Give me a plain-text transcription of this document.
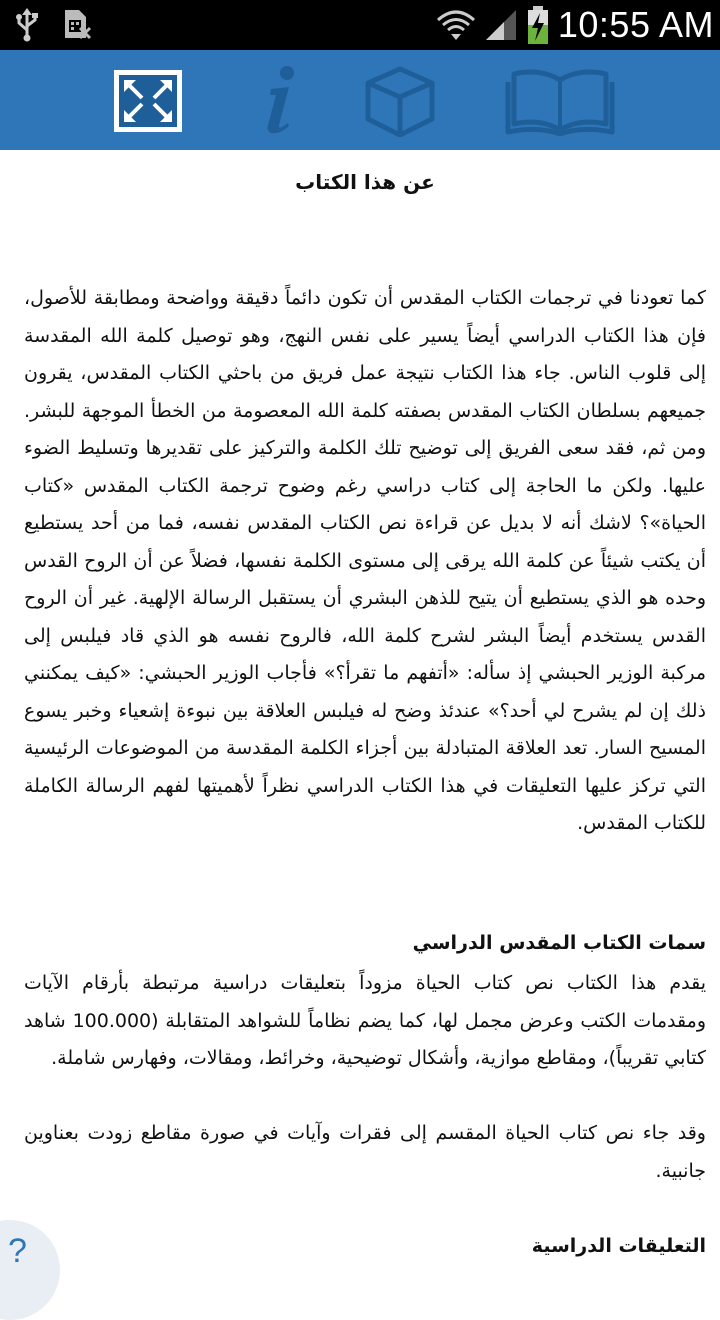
10:55 AM
عن هذا الكتاب

كما تعودنا في ترجمات الكتاب المقدس أن تكون دائماً دقيقة وواضحة ومطابقة للأصول، فإن هذا الكتاب الدراسي أيضاً يسير على نفس النهج، وهو توصيل كلمة الله المقدسة إلى قلوب الناس. جاء هذا الكتاب نتيجة عمل فريق من باحثي الكتاب المقدس، يقرون جميعهم بسلطان الكتاب المقدس بصفته كلمة الله المعصومة من الخطأ الموجهة للبشر. ومن ثم، فقد سعى الفريق إلى توضيح تلك الكلمة والتركيز على تقديرها وتسليط الضوء عليها. ولكن ما الحاجة إلى كتاب دراسي رغم وضوح ترجمة الكتاب المقدس «كتاب الحياة»؟ لاشك أنه لا بديل عن قراءة نص الكتاب المقدس نفسه، فما من أحد يستطيع أن يكتب شيئاً عن كلمة الله يرقى إلى مستوى الكلمة نفسها، فضلاً عن أن الروح القدس وحده هو الذي يستطيع أن يتيح للذهن البشري أن يستقبل الرسالة الإلهية. غير أن الروح القدس يستخدم أيضاً البشر لشرح كلمة الله، فالروح نفسه هو الذي قاد فيلبس إلى مركبة الوزير الحبشي إذ سأله: «أتفهم ما تقرأ؟» فأجاب الوزير الحبشي: «كيف يمكنني ذلك إن لم يشرح لي أحد؟» عندئذ وضح له فيلبس العلاقة بين نبوءة إشعياء وخبر يسوع المسيح السار. تعد العلاقة المتبادلة بين أجزاء الكلمة المقدسة من الموضوعات الرئيسية التي تركز عليها التعليقات في هذا الكتاب الدراسي نظراً لأهميتها لفهم الرسالة الكاملة للكتاب المقدس.

سمات الكتاب المقدس الدراسي

يقدم هذا الكتاب نص كتاب الحياة مزوداً بتعليقات دراسية مرتبطة بأرقام الآيات ومقدمات الكتب وعرض مجمل لها، كما يضم نظاماً للشواهد المتقابلة (100.000 شاهد كتابي تقريباً)، ومقاطع موازية، وأشكال توضيحية، وخرائط، ومقالات، وفهارس شاملة.

وقد جاء نص كتاب الحياة المقسم إلى فقرات وآيات في صورة مقاطع زودت بعناوين جانبية.

التعليقات الدراسية

?
